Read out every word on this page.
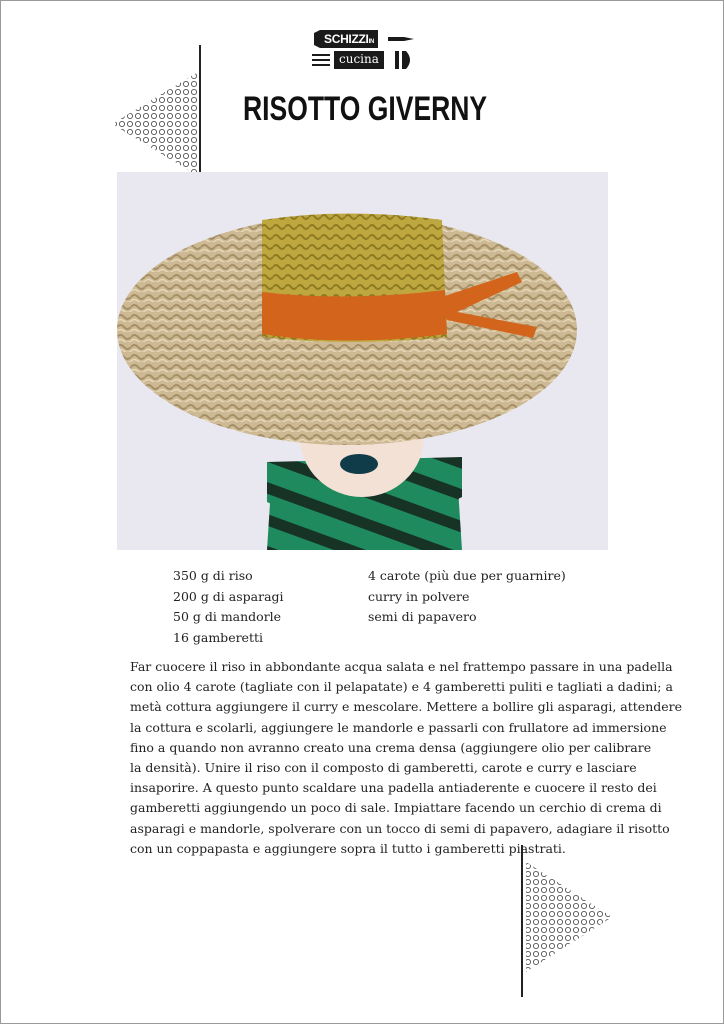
SCHIZZIIN
cucina
RISOTTO GIVERNY
350 g di riso
200 g di asparagi
50 g di mandorle
16 gamberetti
4 carote (più due per guarnire)
curry in polvere
semi di papavero
Far cuocere il riso in abbondante acqua salata e nel frattempo passare in una padella
con olio 4 carote (tagliate con il pelapatate) e 4 gamberetti puliti e tagliati a dadini; a
metà cottura aggiungere il curry e mescolare. Mettere a bollire gli asparagi, attendere
la cottura e scolarli, aggiungere le mandorle e passarli con frullatore ad immersione
fino a quando non avranno creato una crema densa (aggiungere olio per calibrare
la densità). Unire il riso con il composto di gamberetti, carote e curry e lasciare
insaporire. A questo punto scaldare una padella antiaderente e cuocere il resto dei
gamberetti aggiungendo un poco di sale. Impiattare facendo un cerchio di crema di
asparagi e mandorle, spolverare con un tocco di semi di papavero, adagiare il risotto
con un coppapasta e aggiungere sopra il tutto i gamberetti piastrati.
